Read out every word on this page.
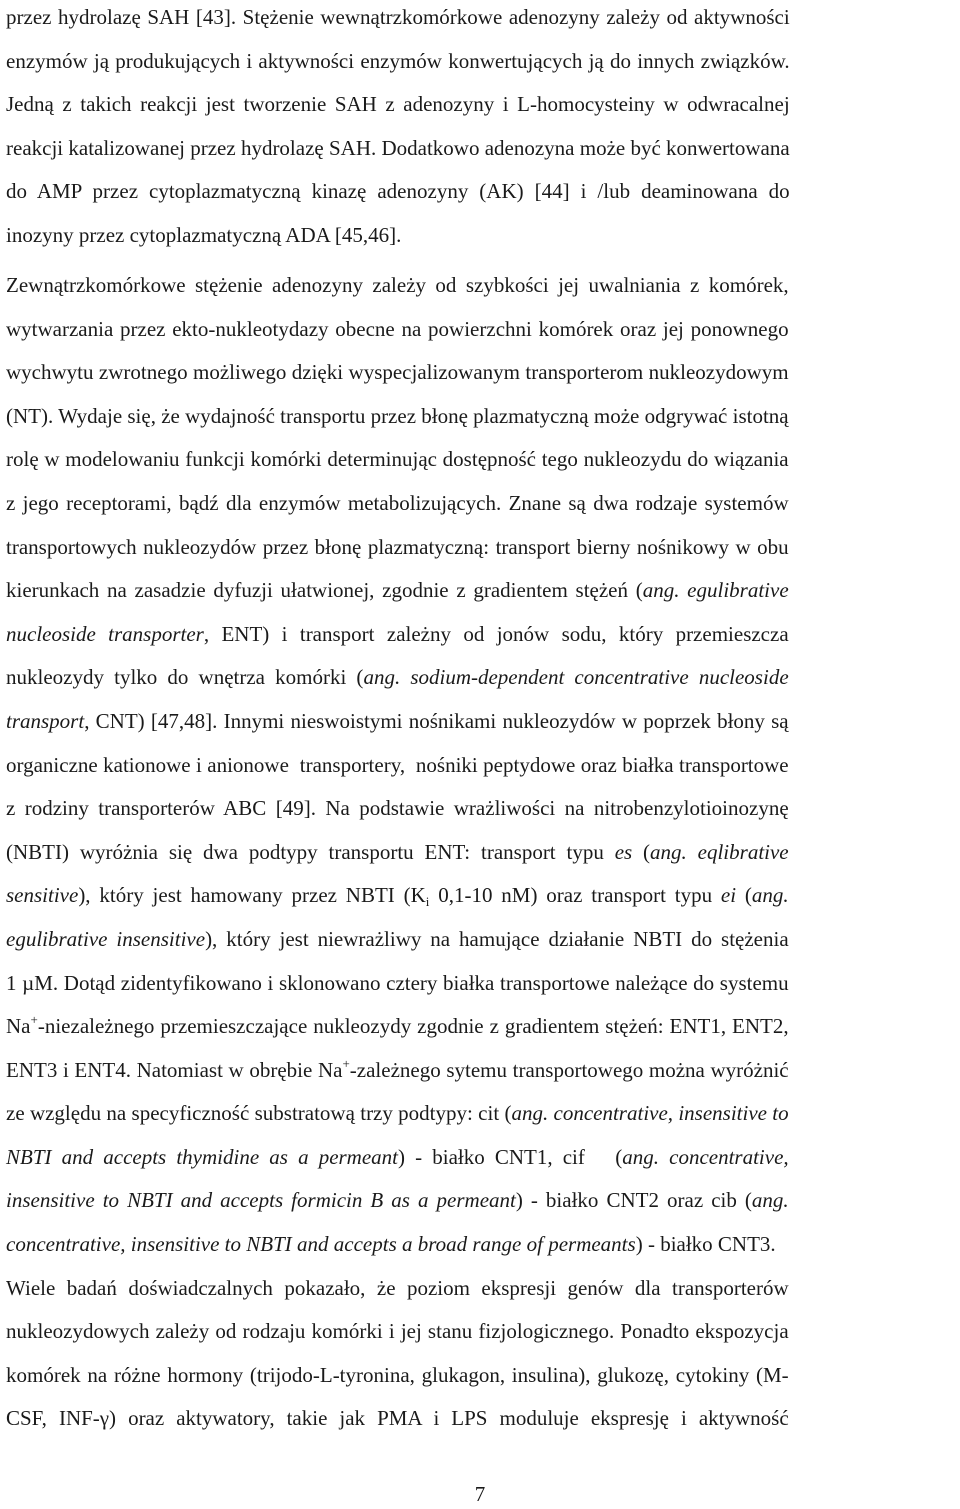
przez hydrolazę SAH [43]. Stężenie wewnątrzkomórkowe adenozyny zależy od aktywności
enzymów ją produkujących i aktywności enzymów konwertujących ją do innych związków.
Jedną z takich reakcji jest tworzenie SAH z adenozyny i L-homocysteiny w odwracalnej
reakcji katalizowanej przez hydrolazę SAH. Dodatkowo adenozyna może być konwertowana
do AMP przez cytoplazmatyczną kinazę adenozyny (AK) [44] i /lub deaminowana do
inozyny przez cytoplazmatyczną ADA [45,46].
Zewnątrzkomórkowe stężenie adenozyny zależy od szybkości jej uwalniania z komórek,
wytwarzania przez ekto-nukleotydazy obecne na powierzchni komórek oraz jej ponownego
wychwytu zwrotnego możliwego dzięki wyspecjalizowanym transporterom nukleozydowym
(NT). Wydaje się, że wydajność transportu przez błonę plazmatyczną może odgrywać istotną
rolę w modelowaniu funkcji komórki determinując dostępność tego nukleozydu do wiązania
z jego receptorami, bądź dla enzymów metabolizujących. Znane są dwa rodzaje systemów
transportowych nukleozydów przez błonę plazmatyczną: transport bierny nośnikowy w obu
kierunkach na zasadzie dyfuzji ułatwionej, zgodnie z gradientem stężeń (ang. egulibrative
nucleoside transporter, ENT) i transport zależny od jonów sodu, który przemieszcza
nukleozydy tylko do wnętrza komórki (ang. sodium-dependent concentrative nucleoside
transport, CNT) [47,48]. Innymi nieswoistymi nośnikami nukleozydów w poprzek błony są
organiczne kationowe i anionowe  transportery,  nośniki peptydowe oraz białka transportowe
z rodziny transporterów ABC [49]. Na podstawie wrażliwości na nitrobenzylotioinozynę
(NBTI) wyróżnia się dwa podtypy transportu ENT: transport typu es (ang. eqlibrative
sensitive), który jest hamowany przez NBTI ($K_i$ 0,1-10 nM) oraz transport typu ei (ang.
egulibrative insensitive), który jest niewrażliwy na hamujące działanie NBTI do stężenia
1 µM. Dotąd zidentyfikowano i sklonowano cztery białka transportowe należące do systemu
Na+-niezależnego przemieszczające nukleozydy zgodnie z gradientem stężeń: ENT1, ENT2,
ENT3 i ENT4. Natomiast w obrębie Na+-zależnego sytemu transportowego można wyróżnić
ze względu na specyficzność substratową trzy podtypy: cit (ang. concentrative, insensitive to
NBTI and accepts thymidine as a permeant) - białko CNT1, cif   (ang. concentrative,
insensitive to NBTI and accepts formicin B as a permeant) - białko CNT2 oraz cib (ang.
concentrative, insensitive to NBTI and accepts a broad range of permeants) - białko CNT3.
Wiele badań doświadczalnych pokazało, że poziom ekspresji genów dla transporterów
nukleozydowych zależy od rodzaju komórki i jej stanu fizjologicznego. Ponadto ekspozycja
komórek na różne hormony (trijodo-L-tyronina, glukagon, insulina), glukozę, cytokiny (M-
CSF, INF-γ) oraz aktywatory, takie jak PMA i LPS moduluje ekspresję i aktywność
7
